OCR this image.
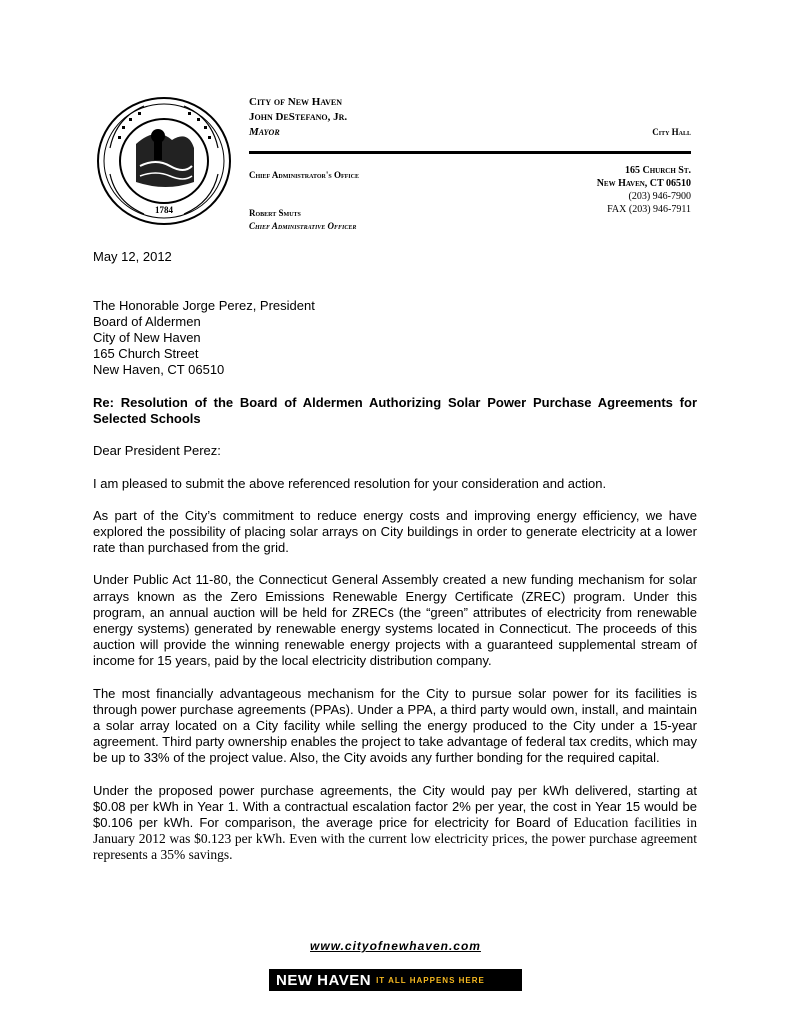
1784
City of New Haven
John DeStefano, Jr.
Mayor	City Hall
Chief Administrator's Office	165 Church St.
New Haven, CT 06510
(203) 946-7900
FAX (203) 946-7911
Robert Smuts
Chief Administrative Officer
May 12, 2012
The Honorable Jorge Perez, President
Board of Aldermen
City of New Haven
165 Church Street
New Haven, CT 06510

Re: Resolution of the Board of Aldermen Authorizing Solar Power Purchase Agreements for Selected Schools

Dear President Perez:

I am pleased to submit the above referenced resolution for your consideration and action.

As part of the City’s commitment to reduce energy costs and improving energy efficiency, we have explored the possibility of placing solar arrays on City buildings in order to generate electricity at a lower rate than purchased from the grid.

Under Public Act 11-80, the Connecticut General Assembly created a new funding mechanism for solar arrays known as the Zero Emissions Renewable Energy Certificate (ZREC) program. Under this program, an annual auction will be held for ZRECs (the “green” attributes of electricity from renewable energy systems) generated by renewable energy systems located in Connecticut. The proceeds of this auction will provide the winning renewable energy projects with a guaranteed supplemental stream of income for 15 years, paid by the local electricity distribution company.

The most financially advantageous mechanism for the City to pursue solar power for its facilities is through power purchase agreements (PPAs). Under a PPA, a third party would own, install, and maintain a solar array located on a City facility while selling the energy produced to the City under a 15-year agreement. Third party ownership enables the project to take advantage of federal tax credits, which may be up to 33% of the project value. Also, the City avoids any further bonding for the required capital.

Under the proposed power purchase agreements, the City would pay per kWh delivered, starting at $0.08 per kWh in Year 1. With a contractual escalation factor 2% per year, the cost in Year 15 would be $0.106 per kWh. For comparison, the average price for electricity for Board of Education facilities in January 2012 was $0.123 per kWh. Even with the current low electricity prices, the power purchase agreement represents a 35% savings.

www.cityofnewhaven.com
NEW HAVEN IT ALL HAPPENS HERE
